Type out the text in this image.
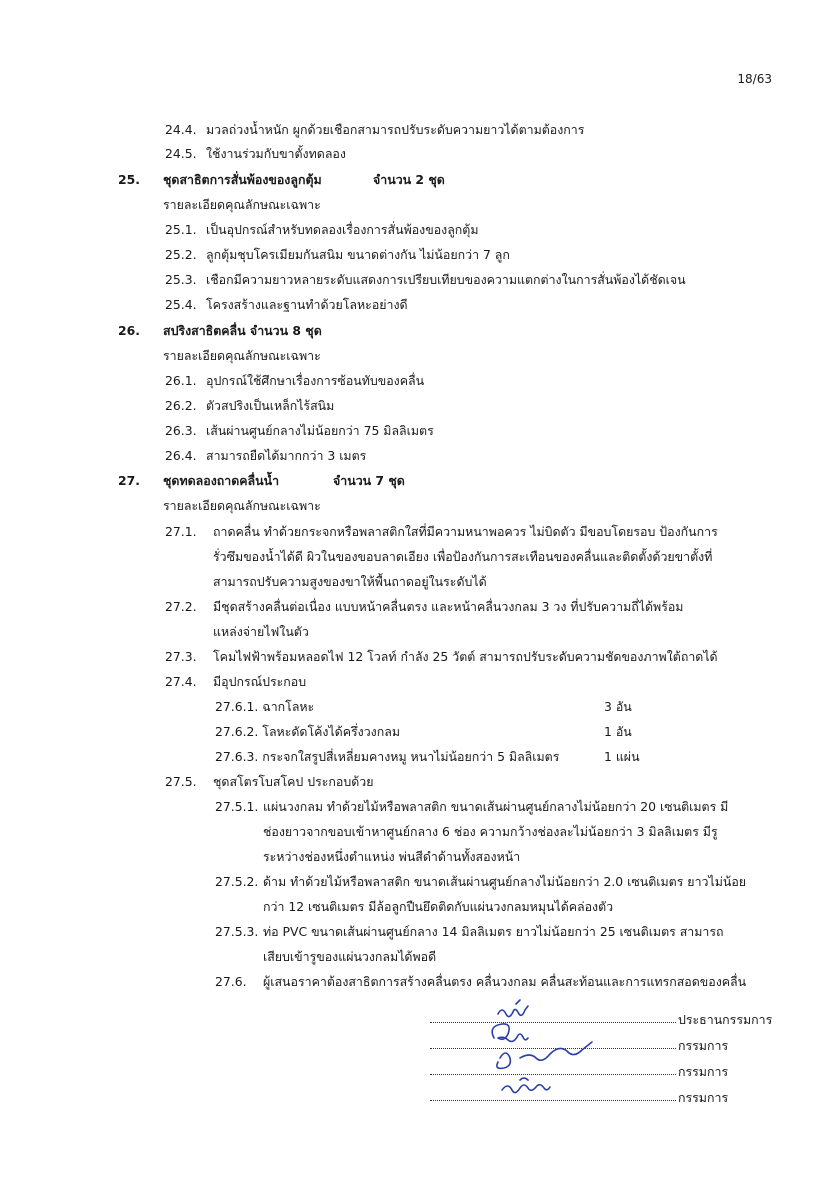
18/63
24.4. มวลถ่วงน้ำหนัก ผูกด้วยเชือกสามารถปรับระดับความยาวได้ตามต้องการ
24.5. ใช้งานร่วมกับขาตั้งทดลอง
25. ชุดสาธิตการสั่นพ้องของลูกตุ้ม	จำนวน 2 ชุด
รายละเอียดคุณลักษณะเฉพาะ
25.1. เป็นอุปกรณ์สำหรับทดลองเรื่องการสั่นพ้องของลูกตุ้ม
25.2. ลูกตุ้มชุบโครเมียมกันสนิม ขนาดต่างกัน ไม่น้อยกว่า 7 ลูก
25.3. เชือกมีความยาวหลายระดับแสดงการเปรียบเทียบของความแตกต่างในการสั่นพ้องได้ชัดเจน
25.4. โครงสร้างและฐานทำด้วยโลหะอย่างดี
26. สปริงสาธิตคลื่น จำนวน 8 ชุด
รายละเอียดคุณลักษณะเฉพาะ
26.1. อุปกรณ์ใช้ศึกษาเรื่องการซ้อนทับของคลื่น
26.2. ตัวสปริงเป็นเหล็กไร้สนิม
26.3. เส้นผ่านศูนย์กลางไม่น้อยกว่า 75 มิลลิเมตร
26.4. สามารถยืดได้มากกว่า 3 เมตร
27. ชุดทดลองถาดคลื่นน้ำ	จำนวน 7 ชุด
รายละเอียดคุณลักษณะเฉพาะ
27.1. ถาดคลื่น ทำด้วยกระจกหรือพลาสติกใสที่มีความหนาพอควร ไม่บิดตัว มีขอบโดยรอบ ป้องกันการ
รั่วซึมของน้ำได้ดี ผิวในของขอบลาดเอียง เพื่อป้องกันการสะเทือนของคลื่นและติดตั้งด้วยขาตั้งที่
สามารถปรับความสูงของขาให้พื้นถาดอยู่ในระดับได้
27.2. มีชุดสร้างคลื่นต่อเนื่อง แบบหน้าคลื่นตรง และหน้าคลื่นวงกลม 3 วง ที่ปรับความถี่ได้พร้อม
แหล่งจ่ายไฟในตัว
27.3. โคมไฟฟ้าพร้อมหลอดไฟ 12 โวลท์ กำลัง 25 วัตต์ สามารถปรับระดับความชัดของภาพใต้ถาดได้
27.4. มีอุปกรณ์ประกอบ
27.6.1. ฉากโลหะ	3 อัน
27.6.2. โลหะดัดโค้งได้ครึ่งวงกลม	1 อัน
27.6.3. กระจกใสรูปสี่เหลี่ยมคางหมู หนาไม่น้อยกว่า 5 มิลลิเมตร	1 แผ่น
27.5. ชุดสโตรโบสโคป ประกอบด้วย
27.5.1. แผ่นวงกลม ทำด้วยไม้หรือพลาสติก ขนาดเส้นผ่านศูนย์กลางไม่น้อยกว่า 20 เซนติเมตร มี
ช่องยาวจากขอบเข้าหาศูนย์กลาง 6 ช่อง ความกว้างช่องละไม่น้อยกว่า 3 มิลลิเมตร มีรู
ระหว่างช่องหนึ่งตำแหน่ง พ่นสีดำด้านทั้งสองหน้า
27.5.2. ด้าม ทำด้วยไม้หรือพลาสติก ขนาดเส้นผ่านศูนย์กลางไม่น้อยกว่า 2.0 เซนติเมตร ยาวไม่น้อย
กว่า 12 เซนติเมตร มีล้อลูกปืนยึดติดกับแผ่นวงกลมหมุนได้คล่องตัว
27.5.3. ท่อ PVC ขนาดเส้นผ่านศูนย์กลาง 14 มิลลิเมตร ยาวไม่น้อยกว่า 25 เซนติเมตร สามารถ
เสียบเข้ารูของแผ่นวงกลมได้พอดี
27.6. ผู้เสนอราคาต้องสาธิตการสร้างคลื่นตรง คลื่นวงกลม คลื่นสะท้อนและการแทรกสอดของคลื่น
ประธานกรรมการ
กรรมการ
กรรมการ
กรรมการ
